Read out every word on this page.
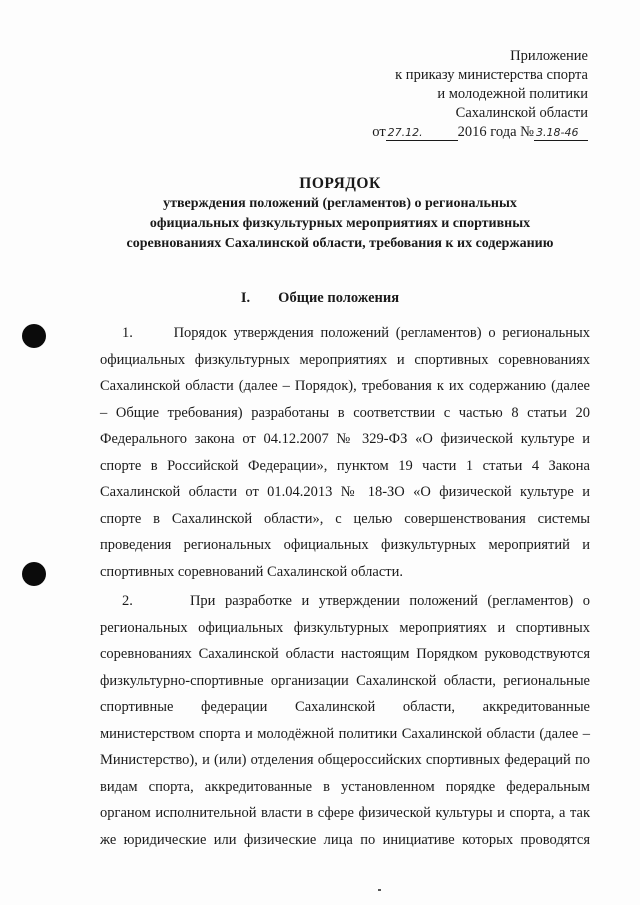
Приложение
к приказу министерства спорта
и молодежной политики
Сахалинской области
от 27.12. 2016 года № 3.18-46
ПОРЯДОК
утверждения положений (регламентов) о региональных
официальных физкультурных мероприятиях и спортивных
соревнованиях Сахалинской области, требования к их содержанию
I. Общие положения
1.      Порядок утверждения положений (регламентов) о региональных
официальных физкультурных мероприятиях и спортивных соревнованиях
Сахалинской области (далее – Порядок), требования к их содержанию (далее
– Общие требования) разработаны в соответствии с частью 8 статьи 20
Федерального закона от 04.12.2007 № 329-ФЗ «О физической культуре и
спорте в Российской Федерации», пунктом 19 части 1 статьи 4 Закона
Сахалинской области от 01.04.2013 № 18-ЗО «О физической культуре и
спорте в Сахалинской области», с целью совершенствования системы
проведения региональных официальных физкультурных мероприятий и
спортивных соревнований Сахалинской области.
2.      При разработке и утверждении положений (регламентов) о
региональных официальных физкультурных мероприятиях и спортивных
соревнованиях Сахалинской области настоящим Порядком руководствуются
физкультурно-спортивные организации Сахалинской области, региональные
спортивные федерации Сахалинской области, аккредитованные
министерством спорта и молодёжной политики Сахалинской области (далее –
Министерство), и (или) отделения общероссийских спортивных федераций по
видам спорта, аккредитованные в установленном порядке федеральным
органом исполнительной власти в сфере физической культуры и спорта, а так
же юридические или физические лица по инициативе которых проводятся
